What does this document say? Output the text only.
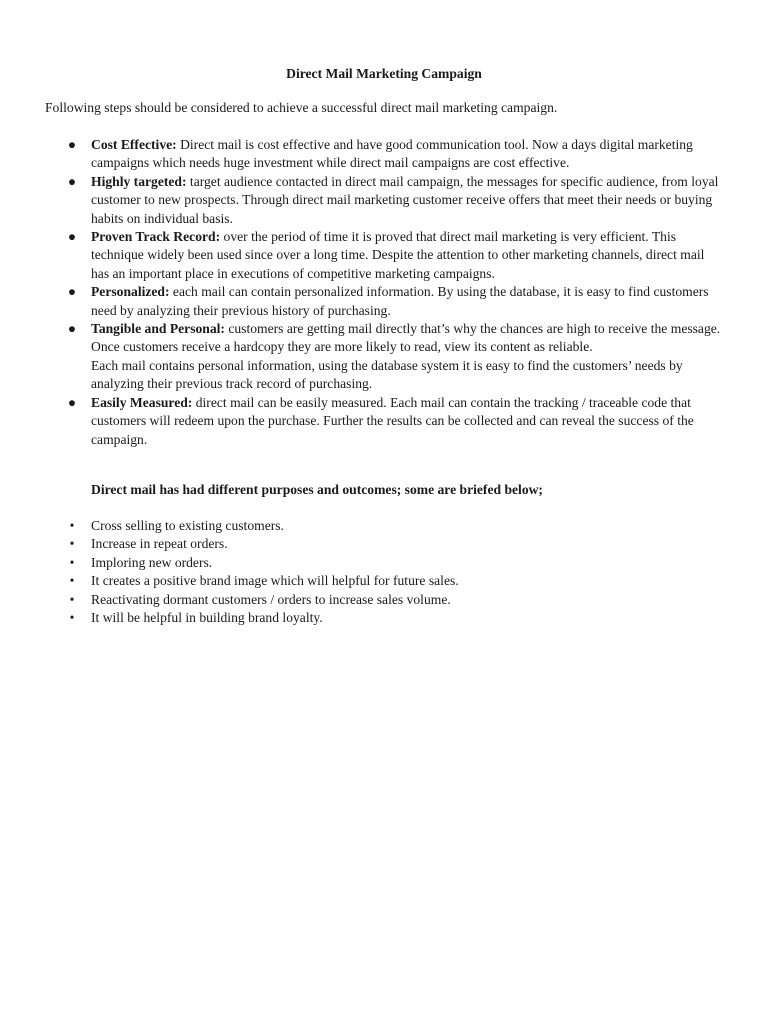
Direct Mail Marketing Campaign
Following steps should be considered to achieve a successful direct mail marketing campaign.
● Cost Effective: Direct mail is cost effective and have good communication tool. Now a days digital marketing campaigns which needs huge investment while direct mail campaigns are cost effective.
● Highly targeted: target audience contacted in direct mail campaign, the messages for specific audience, from loyal customer to new prospects. Through direct mail marketing customer receive offers that meet their needs or buying habits on individual basis.
● Proven Track Record: over the period of time it is proved that direct mail marketing is very efficient. This technique widely been used since over a long time. Despite the attention to other marketing channels, direct mail has an important place in executions of competitive marketing campaigns.
● Personalized: each mail can contain personalized information. By using the database, it is easy to find customers need by analyzing their previous history of purchasing.
● Tangible and Personal: customers are getting mail directly that’s why the chances are high to receive the message. Once customers receive a hardcopy they are more likely to read, view its content as reliable.
Each mail contains personal information, using the database system it is easy to find the customers’ needs by analyzing their previous track record of purchasing.
● Easily Measured: direct mail can be easily measured. Each mail can contain the tracking / traceable code that customers will redeem upon the purchase. Further the results can be collected and can reveal the success of the campaign.
Direct mail has had different purposes and outcomes; some are briefed below;
• Cross selling to existing customers.
• Increase in repeat orders.
• Imploring new orders.
• It creates a positive brand image which will helpful for future sales.
• Reactivating dormant customers / orders to increase sales volume.
• It will be helpful in building brand loyalty.
